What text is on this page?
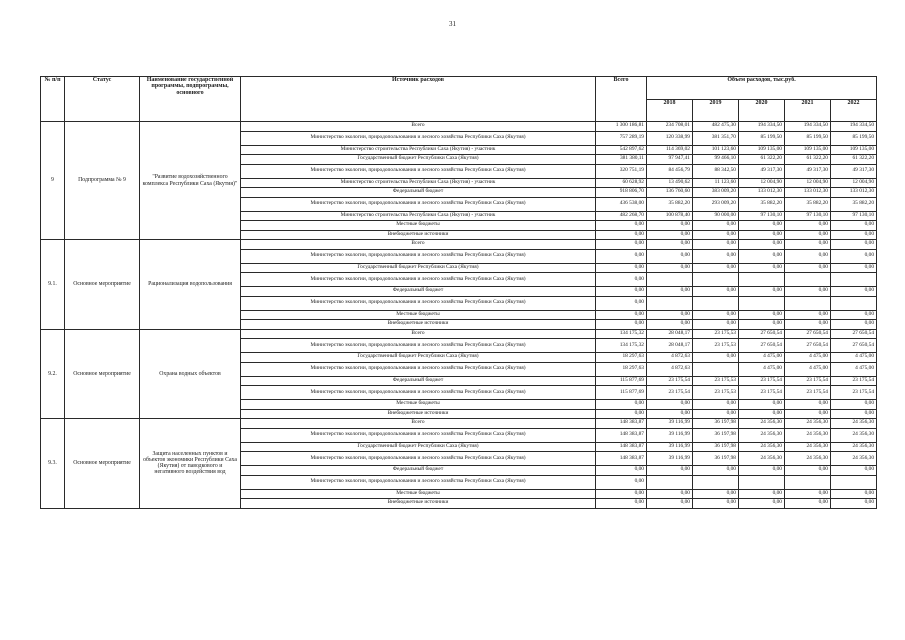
31
№ п/п	Статус	Наименование государственной программы, подпрограммы, основного	Источник расходов	Всего	Объем расходов, тыс.руб.				
					2018	2019	2020	2021	2022
9	Подпрограмма № 9	"Развитие водохозяйственного комплекса Республики Саха (Якутия)"	Всего	1 300 186,81	234 708,01	482 475,30	194 334,50	194 334,50	194 334,50
			Министерство экологии, природопользования и лесного хозяйства Республики Саха (Якутия)	757 289,19	120 338,99	381 351,70	85 199,50	85 199,50	85 199,50
			Министерство строительства Республики Саха (Якутия) - участник	542 897,62	114 369,02	101 123,60	109 135,00	109 135,00	109 135,00
			Государственный бюджет Республики Саха (Якутия)	381 380,11	97 947,41	99 466,10	61 322,20	61 322,20	61 322,20
			Министерство экологии, природопользования и лесного хозяйства Республики Саха (Якутия)	320 751,19	84 456,79	88 342,50	49 317,30	49 317,30	49 317,30
			Министерство строительства Республики Саха (Якутия) - участник	60 628,92	13 490,62	11 123,60	12 004,90	12 004,90	12 004,90
			Федеральный бюджет	918 806,70	136 760,60	383 009,20	133 012,30	133 012,30	133 012,30
			Министерство экологии, природопользования и лесного хозяйства Республики Саха (Якутия)	436 538,00	35 882,20	293 009,20	35 882,20	35 882,20	35 882,20
			Министерство строительства Республики Саха (Якутия) - участник	482 268,70	100 878,40	90 000,00	97 130,10	97 130,10	97 130,10
			Местные бюджеты	0,00	0,00	0,00	0,00	0,00	0,00
			Внебюджетные источники	0,00	0,00	0,00	0,00	0,00	0,00
9.1.	Основное мероприятие	Рационализация водопользования	Всего	0,00	0,00	0,00	0,00	0,00	0,00
			Министерство экологии, природопользования и лесного хозяйства Республики Саха (Якутия)	0,00	0,00	0,00	0,00	0,00	0,00
			Государственный бюджет Республики Саха (Якутия)	0,00	0,00	0,00	0,00	0,00	0,00
			Министерство экологии, природопользования и лесного хозяйства Республики Саха (Якутия)	0,00					
			Федеральный бюджет	0,00	0,00	0,00	0,00	0,00	0,00
			Министерство экологии, природопользования и лесного хозяйства Республики Саха (Якутия)	0,00					
			Местные бюджеты	0,00	0,00	0,00	0,00	0,00	0,00
			Внебюджетные источники	0,00	0,00	0,00	0,00	0,00	0,00
9.2.	Основное мероприятие	Охрана водных объектов	Всего	134 175,32	28 048,17	23 175,53	27 650,54	27 650,54	27 650,54
			Министерство экологии, природопользования и лесного хозяйства Республики Саха (Якутия)	134 175,32	28 048,17	23 175,53	27 650,54	27 650,54	27 650,54
			Государственный бюджет Республики Саха (Якутия)	18 297,63	4 872,63	0,00	4 475,00	4 475,00	4 475,00
			Министерство экологии, природопользования и лесного хозяйства Республики Саха (Якутия)	18 297,63	4 872,63		4 475,00	4 475,00	4 475,00
			Федеральный бюджет	115 877,69	23 175,54	23 175,53	23 175,54	23 175,54	23 175,54
			Министерство экологии, природопользования и лесного хозяйства Республики Саха (Якутия)	115 877,69	23 175,54	23 175,53	23 175,54	23 175,54	23 175,54
			Местные бюджеты	0,00	0,00	0,00	0,00	0,00	0,00
			Внебюджетные источники	0,00	0,00	0,00	0,00	0,00	0,00
9.3.	Основное мероприятие	Защита населенных пунктов и объектов экономики Республики Саха (Якутия) от паводкового и негативного воздействия вод	Всего	148 383,87	39 116,99	36 197,98	24 356,30	24 356,30	24 356,30
			Министерство экологии, природопользования и лесного хозяйства Республики Саха (Якутия)	148 383,87	39 116,99	36 197,98	24 356,30	24 356,30	24 356,30
			Государственный бюджет Республики Саха (Якутия)	148 383,87	39 116,99	36 197,98	24 356,30	24 356,30	24 356,30
			Министерство экологии, природопользования и лесного хозяйства Республики Саха (Якутия)	148 383,87	39 116,99	36 197,98	24 356,30	24 356,30	24 356,30
			Федеральный бюджет	0,00	0,00	0,00	0,00	0,00	0,00
			Министерство экологии, природопользования и лесного хозяйства Республики Саха (Якутия)	0,00					
			Местные бюджеты	0,00	0,00	0,00	0,00	0,00	0,00
			Внебюджетные источники	0,00	0,00	0,00	0,00	0,00	0,00
